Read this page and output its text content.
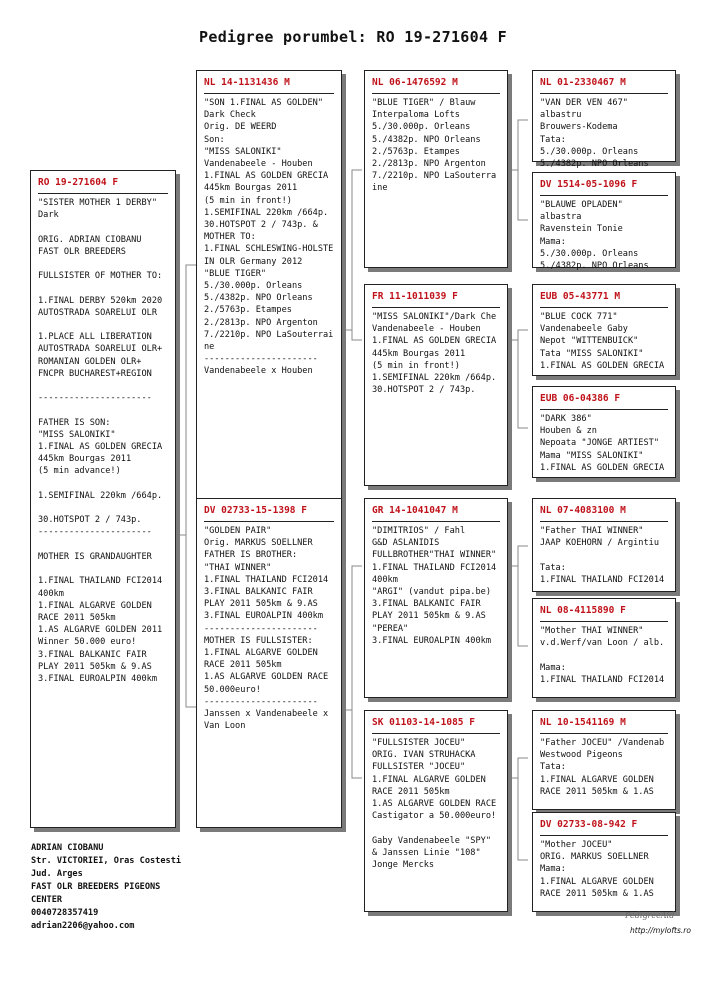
Pedigree porumbel: RO 19-271604 F
RO 19-271604 F
"SISTER MOTHER 1 DERBY"
Dark

ORIG. ADRIAN CIOBANU
FAST OLR BREEDERS

FULLSISTER OF MOTHER TO:

1.FINAL DERBY 520km 2020
AUTOSTRADA SOARELUI OLR

1.PLACE ALL LIBERATION
AUTOSTRADA SOARELUI OLR+
ROMANIAN GOLDEN OLR+
FNCPR BUCHAREST+REGION

----------------------

FATHER IS SON:
"MISS SALONIKI"
1.FINAL AS GOLDEN GRECIA
445km Bourgas 2011
(5 min advance!)

1.SEMIFINAL 220km /664p.

30.HOTSPOT 2 / 743p.
----------------------

MOTHER IS GRANDAUGHTER

1.FINAL THAILAND FCI2014
400km
1.FINAL ALGARVE GOLDEN
RACE 2011 505km
1.AS ALGARVE GOLDEN 2011
Winner 50.000 euro!
3.FINAL BALKANIC FAIR
PLAY 2011 505km & 9.AS
3.FINAL EUROALPIN 400km
NL 14-1131436 M
"SON 1.FINAL AS GOLDEN"
Dark Check
Orig. DE WEERD
Son:
"MISS SALONIKI"
Vandenabeele - Houben
1.FINAL AS GOLDEN GRECIA
445km Bourgas 2011
(5 min in front!)
1.SEMIFINAL 220km /664p.
30.HOTSPOT 2 / 743p. &
MOTHER TO:
1.FINAL SCHLESWING-HOLSTEIN OLR Germany 2012
"BLUE TIGER"
5./30.000p. Orleans
5./4382p. NPO Orleans
2./5763p. Etampes
2./2813p. NPO Argenton
7./2210p. NPO LaSouterraine
----------------------
Vandenabeele x Houben
DV 02733-15-1398 F
"GOLDEN PAIR"
Orig. MARKUS SOELLNER
FATHER IS BROTHER:
"THAI WINNER"
1.FINAL THAILAND FCI2014
3.FINAL BALKANIC FAIR
PLAY 2011 505km & 9.AS
3.FINAL EUROALPIN 400km
----------------------
MOTHER IS FULLSISTER:
1.FINAL ALGARVE GOLDEN
RACE 2011 505km
1.AS ALGARVE GOLDEN RACE
50.000euro!
----------------------
Janssen x Vandenabeele x
Van Loon
NL 06-1476592 M
"BLUE TIGER" / Blauw
Interpaloma Lofts
5./30.000p. Orleans
5./4382p. NPO Orleans
2./5763p. Etampes
2./2813p. NPO Argenton
7./2210p. NPO LaSouterraine
FR 11-1011039 F
"MISS SALONIKI"/Dark Che
Vandenabeele - Houben
1.FINAL AS GOLDEN GRECIA
445km Bourgas 2011
(5 min in front!)
1.SEMIFINAL 220km /664p.
30.HOTSPOT 2 / 743p.
GR 14-1041047 M
"DIMITRIOS" / Fahl
G&D ASLANIDIS
FULLBROTHER"THAI WINNER"
1.FINAL THAILAND FCI2014
400km
"ARGI" (vandut pipa.be)
3.FINAL BALKANIC FAIR
PLAY 2011 505km & 9.AS
"PEREA"
3.FINAL EUROALPIN 400km
SK 01103-14-1085 F
"FULLSISTER JOCEU"
ORIG. IVAN STRUHACKA
FULLSISTER "JOCEU"
1.FINAL ALGARVE GOLDEN
RACE 2011 505km
1.AS ALGARVE GOLDEN RACE
Castigator a 50.000euro!

Gaby Vandenabeele "SPY"
& Janssen Linie "108"
Jonge Mercks
NL 01-2330467 M
"VAN DER VEN 467"
albastru
Brouwers-Kodema
Tata:
5./30.000p. Orleans
5./4382p. NPO Orleans
DV 1514-05-1096 F
"BLAUWE OPLADEN"
albastra
Ravenstein Tonie
Mama:
5./30.000p. Orleans
5./4382p. NPO Orleans
EUB 05-43771 M
"BLUE COCK 771"
Vandenabeele Gaby
Nepot "WITTENBUICK"
Tata "MISS SALONIKI"
1.FINAL AS GOLDEN GRECIA
EUB 06-04386 F
"DARK 386"
Houben & zn
Nepoata "JONGE ARTIEST"
Mama "MISS SALONIKI"
1.FINAL AS GOLDEN GRECIA
NL 07-4083100 M
"Father THAI WINNER"
JAAP KOEHORN / Argintiu

Tata:
1.FINAL THAILAND FCI2014
NL 08-4115890 F
"Mother THAI WINNER"
v.d.Werf/van Loon / alb.

Mama:
1.FINAL THAILAND FCI2014
NL 10-1541169 M
"Father JOCEU" /Vandenab
Westwood Pigeons
Tata:
1.FINAL ALGARVE GOLDEN
RACE 2011 505km & 1.AS
DV 02733-08-942 F
"Mother JOCEU"
ORIG. MARKUS SOELLNER
Mama:
1.FINAL ALGARVE GOLDEN
RACE 2011 505km & 1.AS
ADRIAN CIOBANU
Str. VICTORIEI, Oras Costesti
Jud. Arges
FAST OLR BREEDERS PIGEONS
CENTER
0040728357419
adrian2206@yahoo.com
PedigreeAid
http://mylofts.ro
